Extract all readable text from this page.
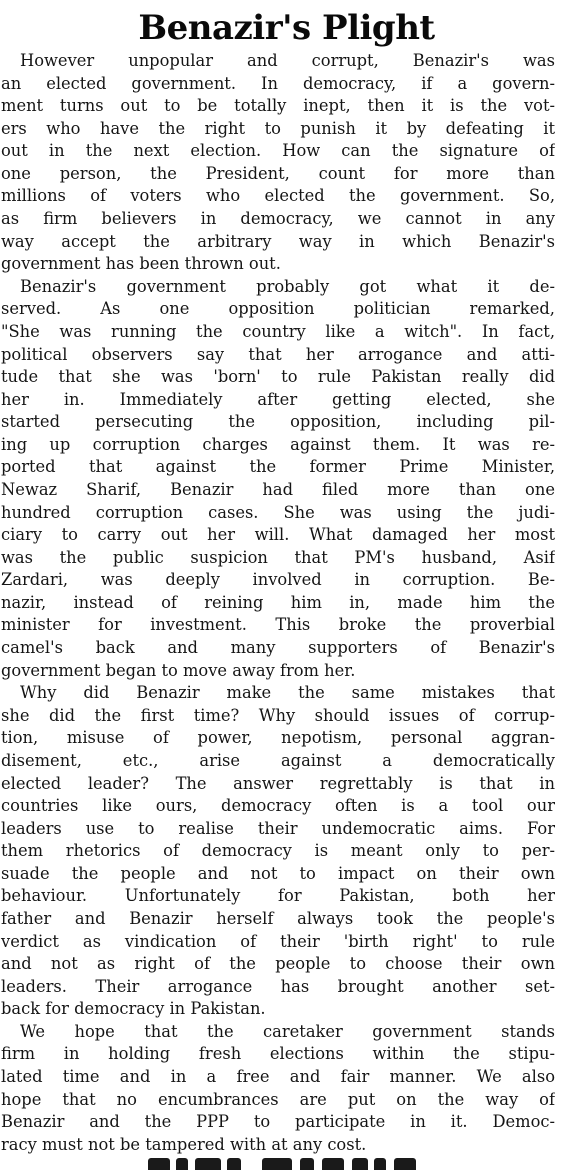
Benazir's Plight
However unpopular and corrupt, Benazir's was
an elected government. In democracy, if a govern-
ment turns out to be totally inept, then it is the vot-
ers who have the right to punish it by defeating it
out in the next election. How can the signature of
one person, the President, count for more than
millions of voters who elected the government. So,
as firm believers in democracy, we cannot in any
way accept the arbitrary way in which Benazir's
government has been thrown out.
Benazir's government probably got what it de-
served. As one opposition politician remarked,
"She was running the country like a witch". In fact,
political observers say that her arrogance and atti-
tude that she was 'born' to rule Pakistan really did
her in. Immediately after getting elected, she
started persecuting the opposition, including pil-
ing up corruption charges against them. It was re-
ported that against the former Prime Minister,
Newaz Sharif, Benazir had filed more than one
hundred corruption cases. She was using the judi-
ciary to carry out her will. What damaged her most
was the public suspicion that PM's husband, Asif
Zardari, was deeply involved in corruption. Be-
nazir, instead of reining him in, made him the
minister for investment. This broke the proverbial
camel's back and many supporters of Benazir's
government began to move away from her.
Why did Benazir make the same mistakes that
she did the first time? Why should issues of corrup-
tion, misuse of power, nepotism, personal aggran-
disement, etc., arise against a democratically
elected leader? The answer regrettably is that in
countries like ours, democracy often is a tool our
leaders use to realise their undemocratic aims. For
them rhetorics of democracy is meant only to per-
suade the people and not to impact on their own
behaviour. Unfortunately for Pakistan, both her
father and Benazir herself always took the people's
verdict as vindication of their 'birth right' to rule
and not as right of the people to choose their own
leaders. Their arrogance has brought another set-
back for democracy in Pakistan.
We hope that the caretaker government stands
firm in holding fresh elections within the stipu-
lated time and in a free and fair manner. We also
hope that no encumbrances are put on the way of
Benazir and the PPP to participate in it. Democ-
racy must not be tampered with at any cost.
